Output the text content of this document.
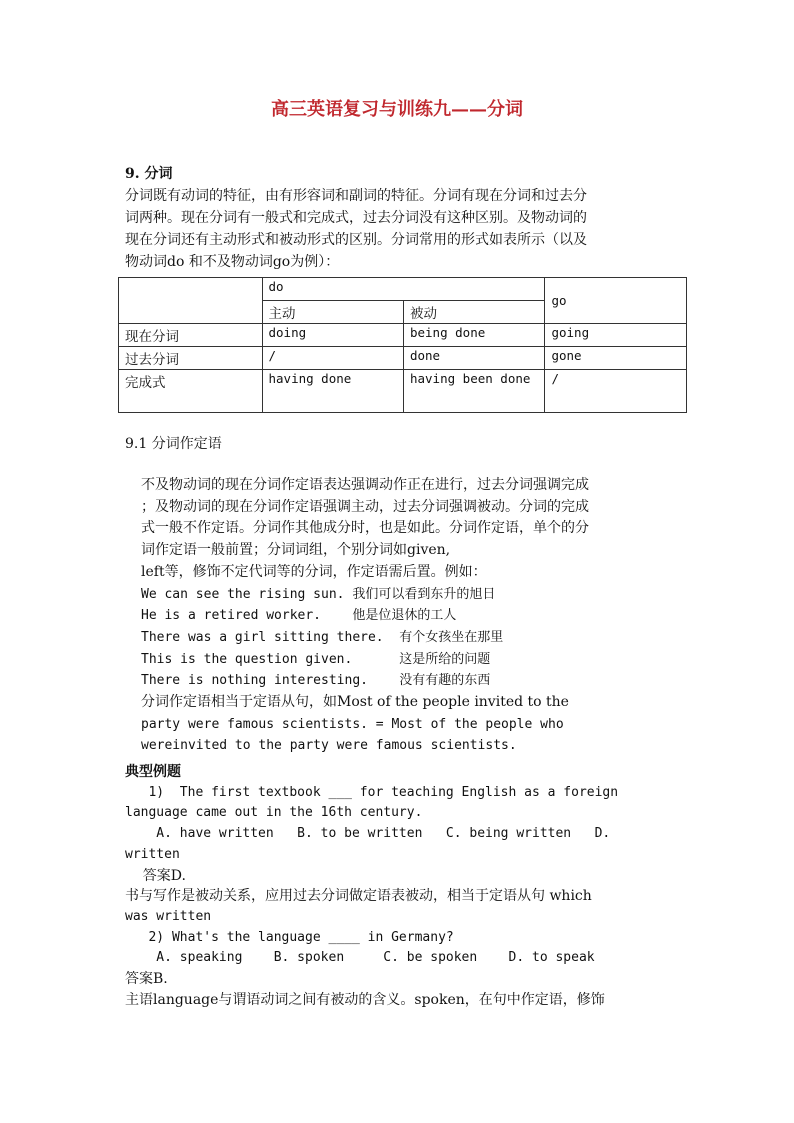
高三英语复习与训练九——分词
9. 分词
分词既有动词的特征，由有形容词和副词的特征。分词有现在分词和过去分
词两种。现在分词有一般式和完成式，过去分词没有这种区别。及物动词的
现在分词还有主动形式和被动形式的区别。分词常用的形式如表所示（以及
物动词do 和不及物动词go为例）：
	do		go
	主动	被动	
现在分词	doing	being done	going
过去分词	/	done	gone
完成式	having done	having been done	/
9.1 分词作定语
不及物动词的现在分词作定语表达强调动作正在进行，过去分词强调完成
；及物动词的现在分词作定语强调主动，过去分词强调被动。分词的完成
式一般不作定语。分词作其他成分时，也是如此。分词作定语，单个的分
词作定语一般前置；分词词组，个别分词如given,
left等，修饰不定代词等的分词，作定语需后置。例如：
We can see the rising sun. 我们可以看到东升的旭日
He is a retired worker.    他是位退休的工人
There was a girl sitting there.  有个女孩坐在那里
This is the question given.      这是所给的问题
There is nothing interesting.    没有有趣的东西
分词作定语相当于定语从句，如Most of the people invited to the
party were famous scientists. = Most of the people who
wereinvited to the party were famous scientists.
典型例题
1)  The first textbook ___ for teaching English as a foreign
language came out in the 16th century.
A. have written   B. to be written   C. being written   D.
written
答案D.
书与写作是被动关系，应用过去分词做定语表被动，相当于定语从句 which
was written
2) What's the language ____ in Germany?
A. speaking    B. spoken     C. be spoken    D. to speak
答案B.
主语language与谓语动词之间有被动的含义。spoken，在句中作定语，修饰
